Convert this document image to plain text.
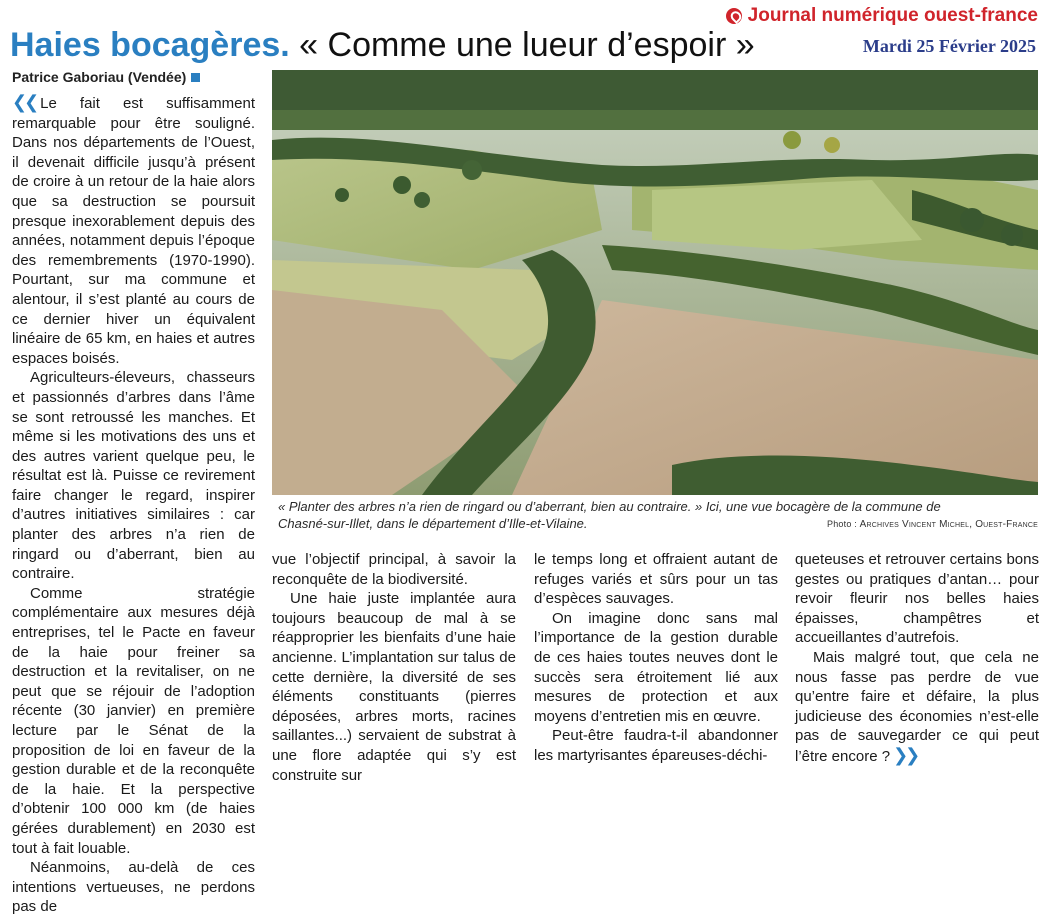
Journal numérique ouest-france
Haies bocagères. « Comme une lueur d’espoir »	Mardi 25 Février 2025
Patrice Gaboriau (Vendée)

❮❮ Le fait est suffisamment remarquable pour être souligné. Dans nos départements de l’Ouest, il devenait difficile jusqu’à présent de croire à un retour de la haie alors que sa destruction se poursuit presque inexorablement depuis des années, notamment depuis l’époque des remembrements (1970-1990). Pourtant, sur ma commune et alentour, il s’est planté au cours de ce dernier hiver un équivalent linéaire de 65 km, en haies et autres espaces boisés.

Agriculteurs-éleveurs, chasseurs et passionnés d’arbres dans l’âme se sont retroussé les manches. Et même si les motivations des uns et des autres varient quelque peu, le résultat est là. Puisse ce revirement faire changer le regard, inspirer d’autres initiatives similaires : car planter des arbres n’a rien de ringard ou d’aberrant, bien au contraire.

Comme stratégie complémentaire aux mesures déjà entreprises, tel le Pacte en faveur de la haie pour freiner sa destruction et la revitaliser, on ne peut que se réjouir de l’adoption récente (30 janvier) en première lecture par le Sénat de la proposition de loi en faveur de la gestion durable et de la reconquête de la haie. Et la perspective d’obtenir 100 000 km (de haies gérées durablement) en 2030 est tout à fait louable.

Néanmoins, au-delà de ces intentions vertueuses, ne perdons pas de

« Planter des arbres n’a rien de ringard ou d’aberrant, bien au contraire. » Ici, une vue bocagère de la commune de Chasné-sur-Illet, dans le département d’Ille-et-Vilaine.	Photo : Archives Vincent Michel, Ouest-France

vue l’objectif principal, à savoir la reconquête de la biodiversité.

Une haie juste implantée aura toujours beaucoup de mal à se réapproprier les bienfaits d’une haie ancienne. L’implantation sur talus de cette dernière, la diversité de ses éléments constituants (pierres déposées, arbres morts, racines saillantes...) servaient de substrat à une flore adaptée qui s’y est construite sur

le temps long et offraient autant de refuges variés et sûrs pour un tas d’espèces sauvages.

On imagine donc sans mal l’importance de la gestion durable de ces haies toutes neuves dont le succès sera étroitement lié aux mesures de protection et aux moyens d’entretien mis en œuvre.

Peut-être faudra-t-il abandonner les martyrisantes épareuses-déchi-

queteuses et retrouver certains bons gestes ou pratiques d’antan… pour revoir fleurir nos belles haies épaisses, champêtres et accueillantes d’autrefois.

Mais malgré tout, que cela ne nous fasse pas perdre de vue qu’entre faire et défaire, la plus judicieuse des économies n’est-elle pas de sauvegarder ce qui peut l’être encore ? ❯❯
